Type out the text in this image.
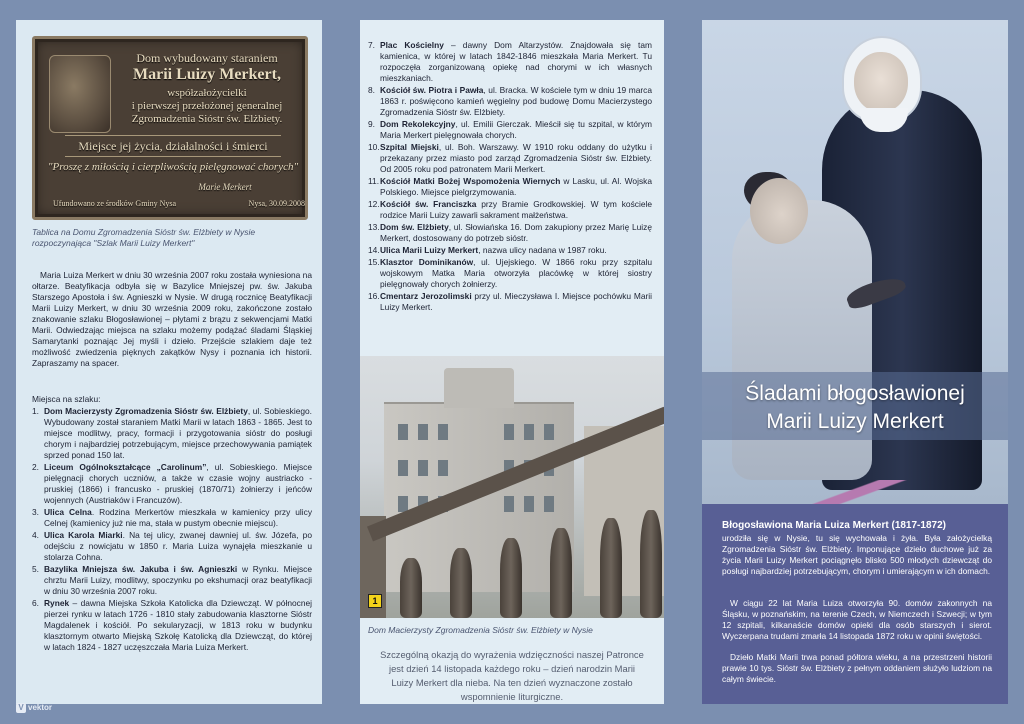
Dom wybudowany staraniem
Marii Luizy Merkert,
współzałożycielki
i pierwszej przełożonej generalnej
Zgromadzenia Sióstr św. Elżbiety.
Miejsce jej życia, działalności i śmierci
"Proszę z miłością i cierpliwością pielęgnować chorych"
Marie Merkert
Ufundowano ze środków Gminy Nysa	Nysa, 30.09.2008
Tablica na Domu Zgromadzenia Sióstr św. Elżbiety w Nysie rozpoczynająca "Szlak Marii Luizy Merkert"

Maria Luiza Merkert w dniu 30 września 2007 roku została wyniesiona na ołtarze. Beatyfikacja odbyła się w Bazylice Mniejszej pw. św. Jakuba Starszego Apostoła i św. Agnieszki w Nysie. W drugą rocznicę Beatyfikacji Marii Luizy Merkert, w dniu 30 września 2009 roku, zakończone zostało znakowanie szlaku Błogosławionej – płytami z brązu z sekwencjami Matki Marii. Odwiedzając miejsca na szlaku możemy podążać śladami Śląskiej Samarytanki poznając Jej myśli i dzieło. Przejście szlakiem daje też możliwość zwiedzenia pięknych zakątków Nysy i poznania ich historii. Zapraszamy na spacer.

Miejsca na szlaku:

1. Dom Macierzysty Zgromadzenia Sióstr św. Elżbiety, ul. Sobieskiego. Wybudowany został staraniem Matki Marii w latach 1863 - 1865. Jest to miejsce modlitwy, pracy, formacji i przygotowania sióstr do posługi chorym i najbardziej potrzebującym, miejsce przechowywania pamiątek sprzed ponad 150 lat.
2. Liceum Ogólnokształcące „Carolinum”, ul. Sobieskiego. Miejsce pielęgnacji chorych uczniów, a także w czasie wojny austriacko - pruskiej (1866) i francusko - pruskiej (1870/71) żołnierzy i jeńców wojennych (Austriaków i Francuzów).
3. Ulica Celna. Rodzina Merkertów mieszkała w kamienicy przy ulicy Celnej (kamienicy już nie ma, stała w pustym obecnie miejscu).
4. Ulica Karola Miarki. Na tej ulicy, zwanej dawniej ul. św. Józefa, po odejściu z nowicjatu w 1850 r. Maria Luiza wynajęła mieszkanie u stolarza Cohna.
5. Bazylika Mniejsza św. Jakuba i św. Agnieszki w Rynku. Miejsce chrztu Marii Luizy, modlitwy, spoczynku po ekshumacji oraz beatyfikacji w dniu 30 września 2007 roku.
6. Rynek – dawna Miejska Szkoła Katolicka dla Dziewcząt. W północnej pierzei rynku w latach 1726 - 1810 stały zabudowania klasztorne Sióstr Magdalenek i kościół. Po sekularyzacji, w 1813 roku w budynku klasztornym otwarto Miejską Szkołę Katolicką dla Dziewcząt, do której w latach 1824 - 1827 uczęszczała Maria Luiza Merkert.
V vektor
7. Plac Kościelny – dawny Dom Altarzystów. Znajdowała się tam kamienica, w której w latach 1842-1846 mieszkała Maria Merkert. Tu rozpoczęła zorganizowaną opiekę nad chorymi w ich własnych mieszkaniach.
8. Kościół św. Piotra i Pawła, ul. Bracka. W kościele tym w dniu 19 marca 1863 r. poświęcono kamień węgielny pod budowę Domu Macierzystego Zgromadzenia Sióstr św. Elżbiety.
9. Dom Rekolekcyjny, ul. Emilii Gierczak. Mieścił się tu szpital, w którym Maria Merkert pielęgnowała chorych.
10. Szpital Miejski, ul. Boh. Warszawy. W 1910 roku oddany do użytku i przekazany przez miasto pod zarząd Zgromadzenia Sióstr św. Elżbiety. Od 2005 roku pod patronatem Marii Merkert.
11. Kościół Matki Bożej Wspomożenia Wiernych w Lasku, ul. Al. Wojska Polskiego. Miejsce pielgrzymowania.
12. Kościół św. Franciszka przy Bramie Grodkowskiej. W tym kościele rodzice Marii Luizy zawarli sakrament małżeństwa.
13. Dom św. Elżbiety, ul. Słowiańska 16. Dom zakupiony przez Marię Luizę Merkert, dostosowany do potrzeb sióstr.
14. Ulica Marii Luizy Merkert, nazwa ulicy nadana w 1987 roku.
15. Klasztor Dominikanów, ul. Ujejskiego. W 1866 roku przy szpitalu wojskowym Matka Maria otworzyła placówkę w której siostry pielęgnowały chorych żołnierzy.
16. Cmentarz Jerozolimski przy ul. Mieczysława I. Miejsce pochówku Marii Luizy Merkert.
1
Dom Macierzysty Zgromadzenia Sióstr św. Elżbiety w Nysie

Szczególną okazją do wyrażenia wdzięczności naszej Patronce jest dzień 14 listopada każdego roku – dzień narodzin Marii Luizy Merkert dla nieba. Na ten dzień wyznaczone zostało wspomnienie liturgiczne.

Śladami błogosławionej
Marii Luizy Merkert
Błogosławiona Maria Luiza Merkert (1817-1872)

urodziła się w Nysie, tu się wychowała i żyła. Była założycielką Zgromadzenia Sióstr św. Elżbiety. Imponujące dzieło duchowe już za życia Marii Luizy Merkert pociągnęło blisko 500 młodych dziewcząt do posługi najbardziej potrzebującym, chorym i umierającym w ich domach.

W ciągu 22 lat Maria Luiza otworzyła 90. domów zakonnych na Śląsku, w poznańskim, na terenie Czech, w Niemczech i Szwecji; w tym 12 szpitali, kilkanaście domów opieki dla osób starszych i sierot. Wyczerpana trudami zmarła 14 listopada 1872 roku w opinii świętości.

Dzieło Matki Marii trwa ponad półtora wieku, a na przestrzeni historii prawie 10 tys. Sióstr św. Elżbiety z pełnym oddaniem służyło ludziom na całym świecie.
